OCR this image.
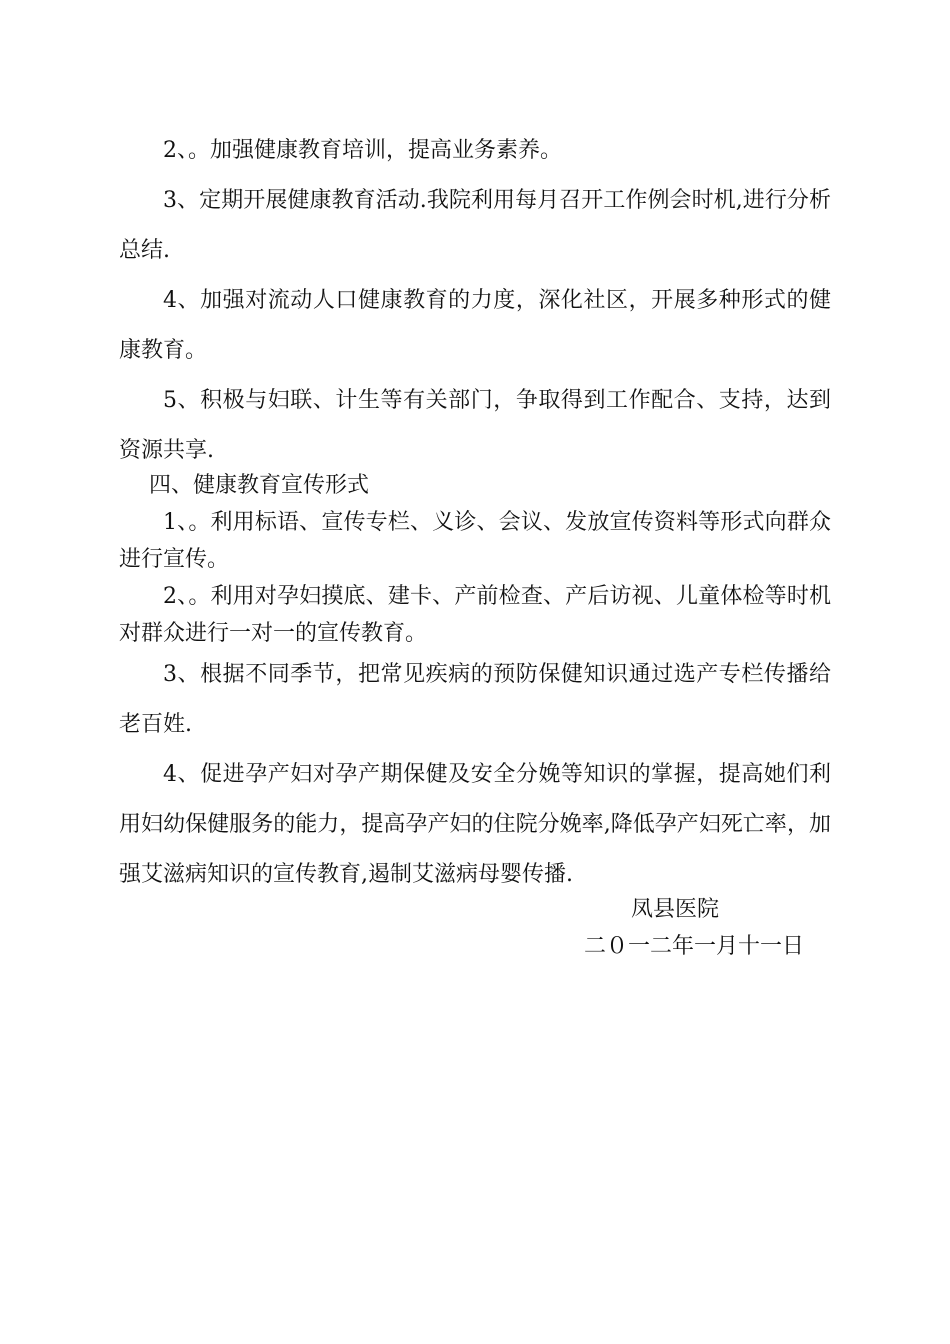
2、。加强健康教育培训，提高业务素养。

3、定期开展健康教育活动.我院利用每月召开工作例会时机,进行分析总结.

4、加强对流动人口健康教育的力度，深化社区，开展多种形式的健康教育。

5、积极与妇联、计生等有关部门，争取得到工作配合、支持，达到资源共享.

四、健康教育宣传形式

1、。利用标语、宣传专栏、义诊、会议、发放宣传资料等形式向群众进行宣传。

2、。利用对孕妇摸底、建卡、产前检查、产后访视、儿童体检等时机对群众进行一对一的宣传教育。

3、根据不同季节，把常见疾病的预防保健知识通过选产专栏传播给老百姓.

4、促进孕产妇对孕产期保健及安全分娩等知识的掌握，提高她们利用妇幼保健服务的能力，提高孕产妇的住院分娩率,降低孕产妇死亡率，加强艾滋病知识的宣传教育,遏制艾滋病母婴传播.

凤县医院

二０一二年一月十一日
